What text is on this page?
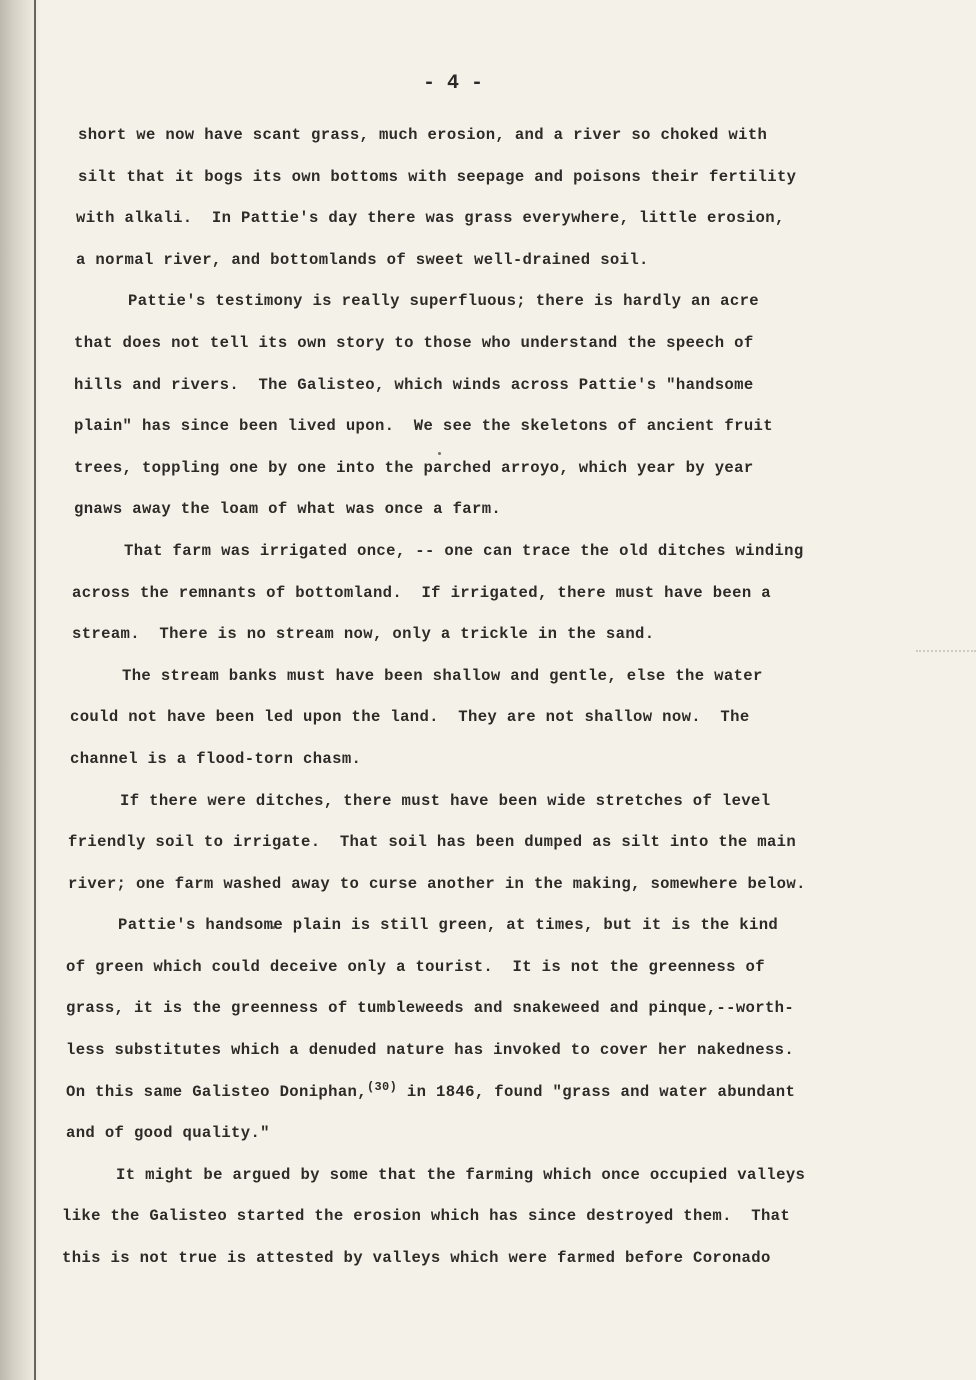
- 4 -

short we now have scant grass, much erosion, and a river so choked with
silt that it bogs its own bottoms with seepage and poisons their fertility
with alkali.  In Pattie's day there was grass everywhere, little erosion,
a normal river, and bottomlands of sweet well-drained soil.
Pattie's testimony is really superfluous; there is hardly an acre
that does not tell its own story to those who understand the speech of
hills and rivers.  The Galisteo, which winds across Pattie's "handsome
plain" has since been lived upon.  We see the skeletons of ancient fruit
trees, toppling one by one into the parched arroyo, which year by year
gnaws away the loam of what was once a farm.
That farm was irrigated once, -- one can trace the old ditches winding
across the remnants of bottomland.  If irrigated, there must have been a
stream.  There is no stream now, only a trickle in the sand.
The stream banks must have been shallow and gentle, else the water
could not have been led upon the land.  They are not shallow now.  The
channel is a flood-torn chasm.
If there were ditches, there must have been wide stretches of level
friendly soil to irrigate.  That soil has been dumped as silt into the main
river; one farm washed away to curse another in the making, somewhere below.
Pattie's handsome plain is still green, at times, but it is the kind
of green which could deceive only a tourist.  It is not the greenness of
grass, it is the greenness of tumbleweeds and snakeweed and pinque,--worth-
less substitutes which a denuded nature has invoked to cover her nakedness.
On this same Galisteo Doniphan,$^{(30)}$ in 1846, found "grass and water abundant
and of good quality."
It might be argued by some that the farming which once occupied valleys
like the Galisteo started the erosion which has since destroyed them.  That
this is not true is attested by valleys which were farmed before Coronado
